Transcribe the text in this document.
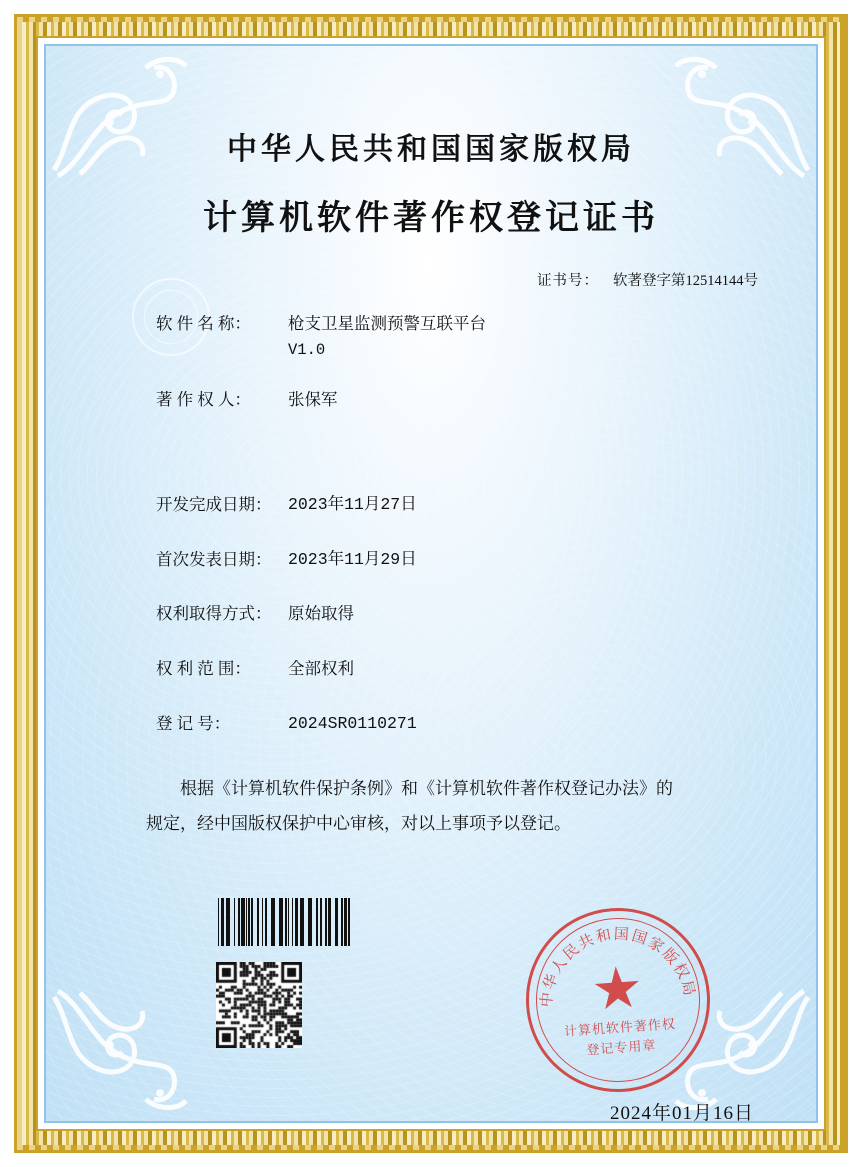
中华人民共和国国家版权局
计算机软件著作权登记证书
证书号： 软著登字第12514144号
软 件 名 称：	枪支卫星监测预警互联平台
V1.0
著 作 权 人：	张保军
开发完成日期：	2023年11月27日
首次发表日期：	2023年11月29日
权利取得方式：	原始取得
权 利 范 围：	全部权利
登 记 号：	2024SR0110271

根据《计算机软件保护条例》和《计算机软件著作权登记办法》的

规定，经中国版权保护中心审核，对以上事项予以登记。

中华人民共和国国家版权局
计算机软件著作权
登记专用章
2024年01月16日
